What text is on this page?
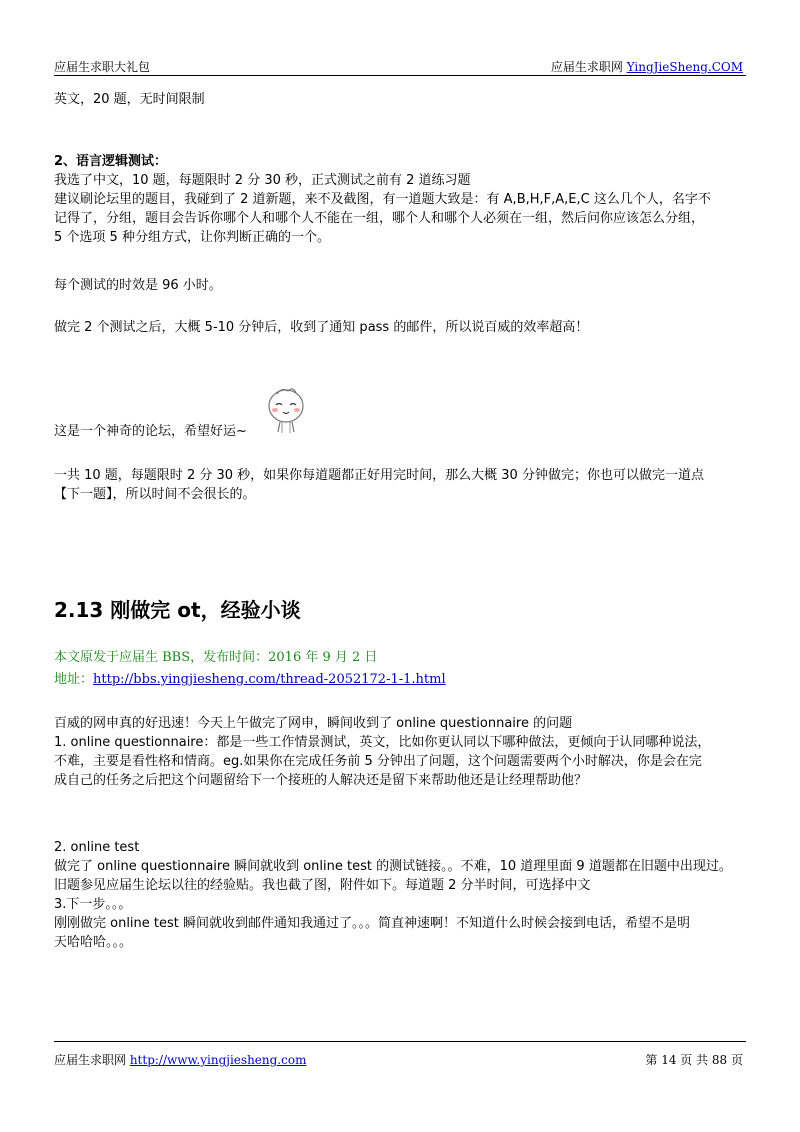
应届生求职大礼包	应届生求职网 YingJieSheng.COM

英文，20 题，无时间限制

2、语言逻辑测试：

我选了中文，10 题，每题限时 2 分 30 秒，正式测试之前有 2 道练习题
建议刷论坛里的题目，我碰到了 2 道新题，来不及截图，有一道题大致是：有 A,B,H,F,A,E,C 这么几个人，名字不
记得了，分组，题目会告诉你哪个人和哪个人不能在一组，哪个人和哪个人必须在一组，然后问你应该怎么分组，
5 个选项 5 种分组方式，让你判断正确的一个。

每个测试的时效是 96 小时。

做完 2 个测试之后，大概 5-10 分钟后，收到了通知 pass 的邮件，所以说百威的效率超高！

这是一个神奇的论坛，希望好运~

一共 10 题，每题限时 2 分 30 秒，如果你每道题都正好用完时间，那么大概 30 分钟做完；你也可以做完一道点
【下一题】，所以时间不会很长的。
2.13 刚做完 ot，经验小谈

本文原发于应届生 BBS，发布时间：2016 年 9 月 2 日

地址：http://bbs.yingjiesheng.com/thread-2052172-1-1.html

百威的网申真的好迅速！今天上午做完了网申，瞬间收到了 online questionnaire 的问题
1. online questionnaire：都是一些工作情景测试，英文，比如你更认同以下哪种做法，更倾向于认同哪种说法，
不难，主要是看性格和情商。eg.如果你在完成任务前 5 分钟出了问题，这个问题需要两个小时解决，你是会在完
成自己的任务之后把这个问题留给下一个接班的人解决还是留下来帮助他还是让经理帮助他？
2. online test
做完了 online questionnaire 瞬间就收到 online test 的测试链接。。不难，10 道理里面 9 道题都在旧题中出现过。
旧题参见应届生论坛以往的经验贴。我也截了图，附件如下。每道题 2 分半时间，可选择中文
3.下一步。。。
刚刚做完 online test 瞬间就收到邮件通知我通过了。。。简直神速啊！不知道什么时候会接到电话，希望不是明
天哈哈哈。。。
应届生求职网 http://www.yingjiesheng.com	第 14 页 共 88 页
